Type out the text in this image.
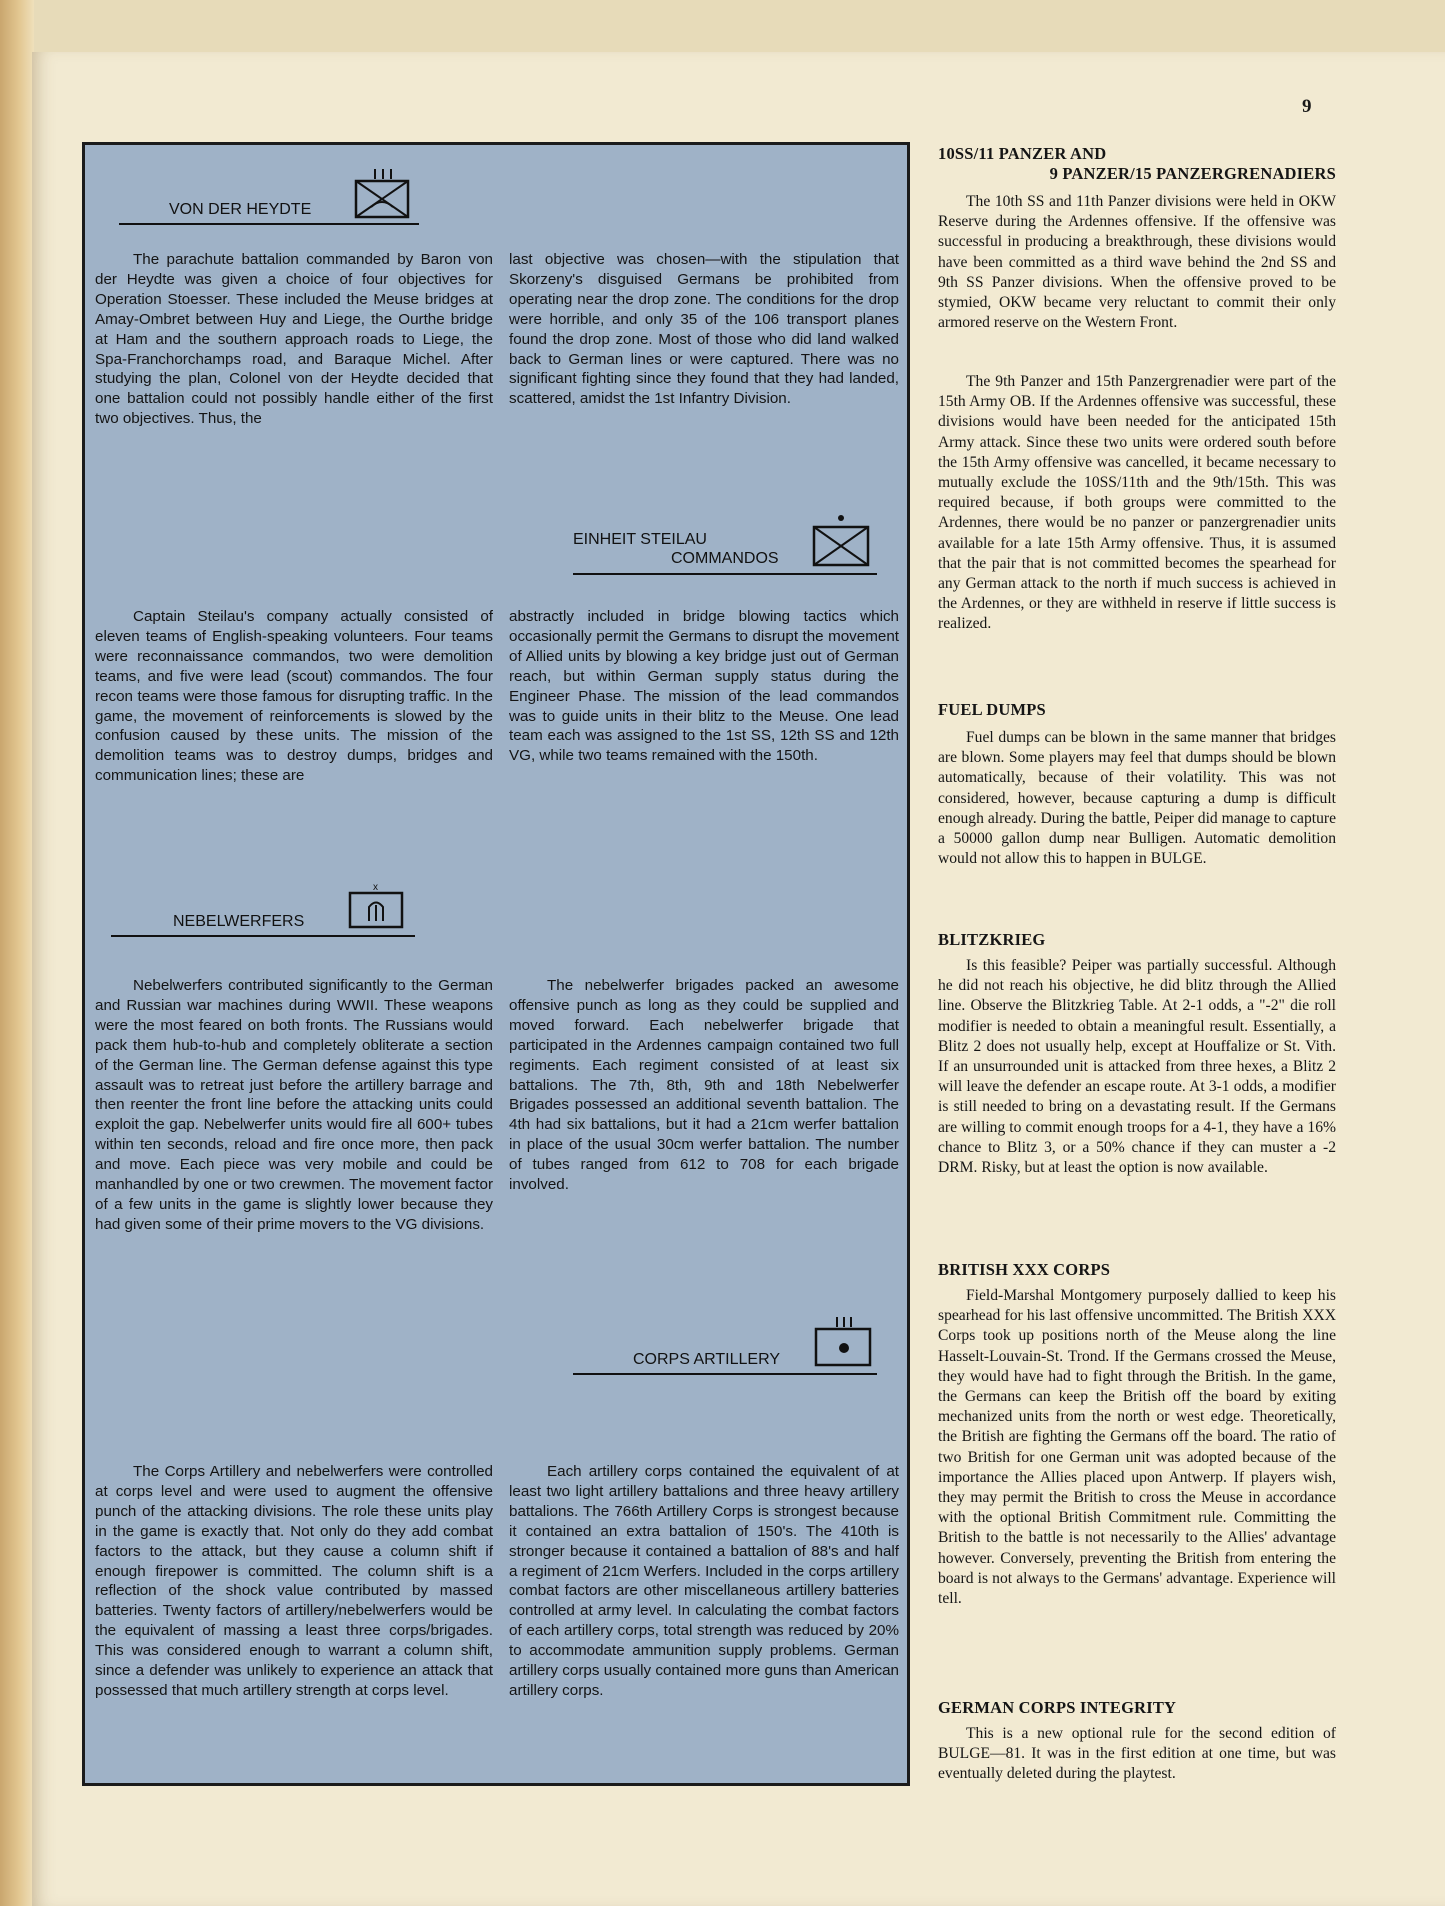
9
VON DER HEYDTE

The parachute battalion commanded by Baron von der Heydte was given a choice of four objectives for Operation Stoesser. These included the Meuse bridges at Amay-Ombret between Huy and Liege, the Ourthe bridge at Ham and the southern approach roads to Liege, the Spa-Franchorchamps road, and Baraque Michel. After studying the plan, Colonel von der Heydte decided that one battalion could not possibly handle either of the first two objectives. Thus, the

last objective was chosen—with the stipulation that Skorzeny's disguised Germans be prohibited from operating near the drop zone. The conditions for the drop were horrible, and only 35 of the 106 transport planes found the drop zone. Most of those who did land walked back to German lines or were captured. There was no significant fighting since they found that they had landed, scattered, amidst the 1st Infantry Division.

EINHEIT STEILAU
COMMANDOS

Captain Steilau's company actually consisted of eleven teams of English-speaking volunteers. Four teams were reconnaissance commandos, two were demolition teams, and five were lead (scout) commandos. The four recon teams were those famous for disrupting traffic. In the game, the movement of reinforcements is slowed by the confusion caused by these units. The mission of the demolition teams was to destroy dumps, bridges and communication lines; these are

abstractly included in bridge blowing tactics which occasionally permit the Germans to disrupt the movement of Allied units by blowing a key bridge just out of German reach, but within German supply status during the Engineer Phase. The mission of the lead commandos was to guide units in their blitz to the Meuse. One lead team each was assigned to the 1st SS, 12th SS and 12th VG, while two teams remained with the 150th.

NEBELWERFERS
x

Nebelwerfers contributed significantly to the German and Russian war machines during WWII. These weapons were the most feared on both fronts. The Russians would pack them hub-to-hub and completely obliterate a section of the German line. The German defense against this type assault was to retreat just before the artillery barrage and then reenter the front line before the attacking units could exploit the gap. Nebelwerfer units would fire all 600+ tubes within ten seconds, reload and fire once more, then pack and move. Each piece was very mobile and could be manhandled by one or two crewmen. The movement factor of a few units in the game is slightly lower because they had given some of their prime movers to the VG divisions.

The nebelwerfer brigades packed an awesome offensive punch as long as they could be supplied and moved forward. Each nebelwerfer brigade that participated in the Ardennes campaign contained two full regiments. Each regiment consisted of at least six battalions. The 7th, 8th, 9th and 18th Nebelwerfer Brigades possessed an additional seventh battalion. The 4th had six battalions, but it had a 21cm werfer battalion in place of the usual 30cm werfer battalion. The number of tubes ranged from 612 to 708 for each brigade involved.

CORPS ARTILLERY

The Corps Artillery and nebelwerfers were controlled at corps level and were used to augment the offensive punch of the attacking divisions. The role these units play in the game is exactly that. Not only do they add combat factors to the attack, but they cause a column shift if enough firepower is committed. The column shift is a reflection of the shock value contributed by massed batteries. Twenty factors of artillery/nebelwerfers would be the equivalent of massing a least three corps/brigades. This was considered enough to warrant a column shift, since a defender was unlikely to experience an attack that possessed that much artillery strength at corps level.

Each artillery corps contained the equivalent of at least two light artillery battalions and three heavy artillery battalions. The 766th Artillery Corps is strongest because it contained an extra battalion of 150's. The 410th is stronger because it contained a battalion of 88's and half a regiment of 21cm Werfers. Included in the corps artillery combat factors are other miscellaneous artillery batteries controlled at army level. In calculating the combat factors of each artillery corps, total strength was reduced by 20% to accommodate ammunition supply problems. German artillery corps usually contained more guns than American artillery corps.

10SS/11 PANZER AND
9 PANZER/15 PANZERGRENADIERS

The 10th SS and 11th Panzer divisions were held in OKW Reserve during the Ardennes offensive. If the offensive was successful in producing a breakthrough, these divisions would have been committed as a third wave behind the 2nd SS and 9th SS Panzer divisions. When the offensive proved to be stymied, OKW became very reluctant to commit their only armored reserve on the Western Front.

The 9th Panzer and 15th Panzergrenadier were part of the 15th Army OB. If the Ardennes offensive was successful, these divisions would have been needed for the anticipated 15th Army attack. Since these two units were ordered south before the 15th Army offensive was cancelled, it became necessary to mutually exclude the 10SS/11th and the 9th/15th. This was required because, if both groups were committed to the Ardennes, there would be no panzer or panzergrenadier units available for a late 15th Army offensive. Thus, it is assumed that the pair that is not committed becomes the spearhead for any German attack to the north if much success is achieved in the Ardennes, or they are withheld in reserve if little success is realized.

FUEL DUMPS

Fuel dumps can be blown in the same manner that bridges are blown. Some players may feel that dumps should be blown automatically, because of their volatility. This was not considered, however, because capturing a dump is difficult enough already. During the battle, Peiper did manage to capture a 50000 gallon dump near Bulligen. Automatic demolition would not allow this to happen in BULGE.

BLITZKRIEG

Is this feasible? Peiper was partially successful. Although he did not reach his objective, he did blitz through the Allied line. Observe the Blitzkrieg Table. At 2-1 odds, a "-2" die roll modifier is needed to obtain a meaningful result. Essentially, a Blitz 2 does not usually help, except at Houffalize or St. Vith. If an unsurrounded unit is attacked from three hexes, a Blitz 2 will leave the defender an escape route. At 3-1 odds, a modifier is still needed to bring on a devastating result. If the Germans are willing to commit enough troops for a 4-1, they have a 16% chance to Blitz 3, or a 50% chance if they can muster a -2 DRM. Risky, but at least the option is now available.

BRITISH XXX CORPS

Field-Marshal Montgomery purposely dallied to keep his spearhead for his last offensive uncommitted. The British XXX Corps took up positions north of the Meuse along the line Hasselt-Louvain-St. Trond. If the Germans crossed the Meuse, they would have had to fight through the British. In the game, the Germans can keep the British off the board by exiting mechanized units from the north or west edge. Theoretically, the British are fighting the Germans off the board. The ratio of two British for one German unit was adopted because of the importance the Allies placed upon Antwerp. If players wish, they may permit the British to cross the Meuse in accordance with the optional British Commitment rule. Committing the British to the battle is not necessarily to the Allies' advantage however. Conversely, preventing the British from entering the board is not always to the Germans' advantage. Experience will tell.

GERMAN CORPS INTEGRITY

This is a new optional rule for the second edition of BULGE—81. It was in the first edition at one time, but was eventually deleted during the playtest.
